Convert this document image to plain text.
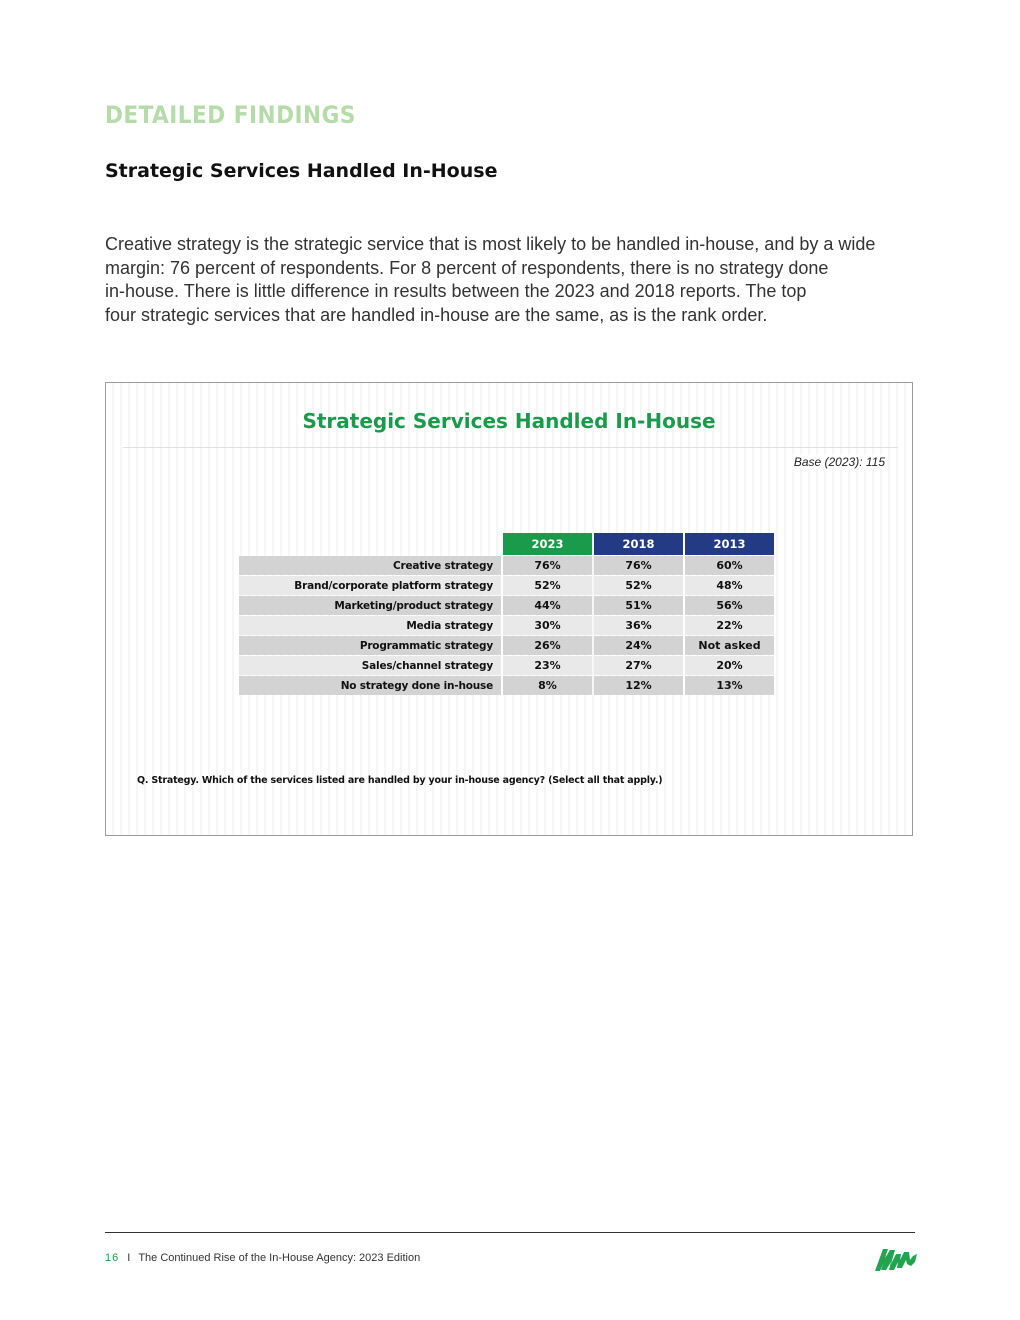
DETAILED FINDINGS
Strategic Services Handled In-House
Creative strategy is the strategic service that is most likely to be handled in-house, and by a wide
margin: 76 percent of respondents. For 8 percent of respondents, there is no strategy done
in-house. There is little difference in results between the 2023 and 2018 reports. The top
four strategic services that are handled in-house are the same, as is the rank order.
Strategic Services Handled In-House
Base (2023): 115
	2023	2018	2013
Creative strategy	76%	76%	60%
Brand/corporate platform strategy	52%	52%	48%
Marketing/product strategy	44%	51%	56%
Media strategy	30%	36%	22%
Programmatic strategy	26%	24%	Not asked
Sales/channel strategy	23%	27%	20%
No strategy done in-house	8%	12%	13%
Q. Strategy. Which of the services listed are handled by your in-house agency? (Select all that apply.)
16 I The Continued Rise of the In-House Agency: 2023 Edition
